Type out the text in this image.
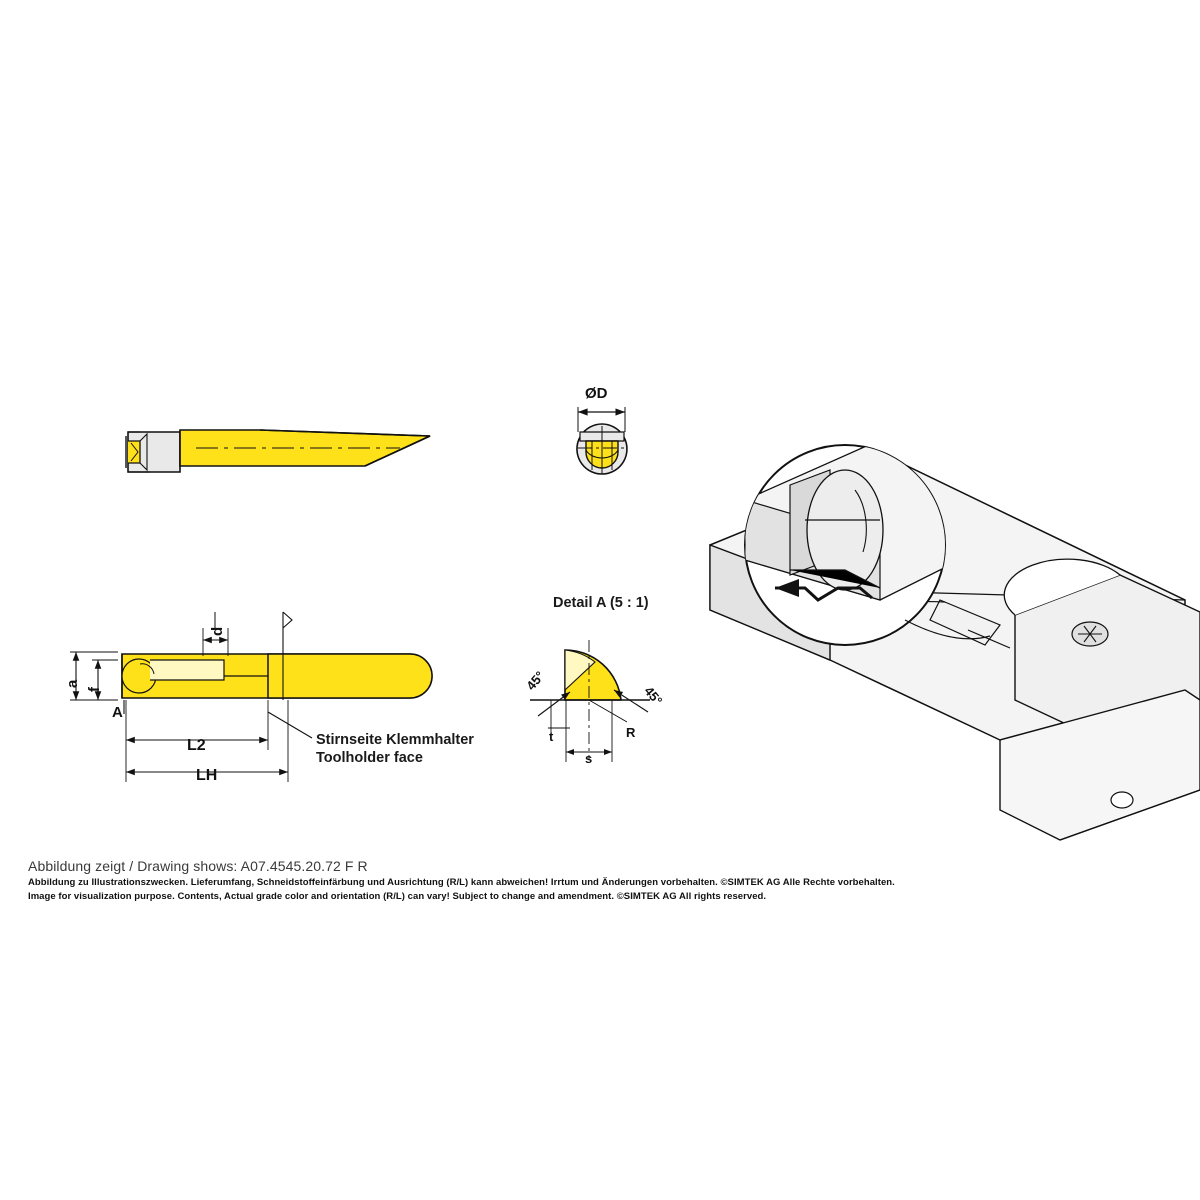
ØD
a
f
d
A
L2
LH
45°
45°
t
s
R
Detail A (5 : 1)
Stirnseite Klemmhalter
Toolholder face
Abbildung zeigt / Drawing shows: A07.4545.20.72 F R
Abbildung zu Illustrationszwecken. Lieferumfang, Schneidstoffeinfärbung und Ausrichtung (R/L) kann abweichen! Irrtum und Änderungen vorbehalten. ©SIMTEK AG Alle Rechte vorbehalten.
Image for visualization purpose. Contents, Actual grade color and orientation (R/L) can vary! Subject to change and amendment. ©SIMTEK AG All rights reserved.
